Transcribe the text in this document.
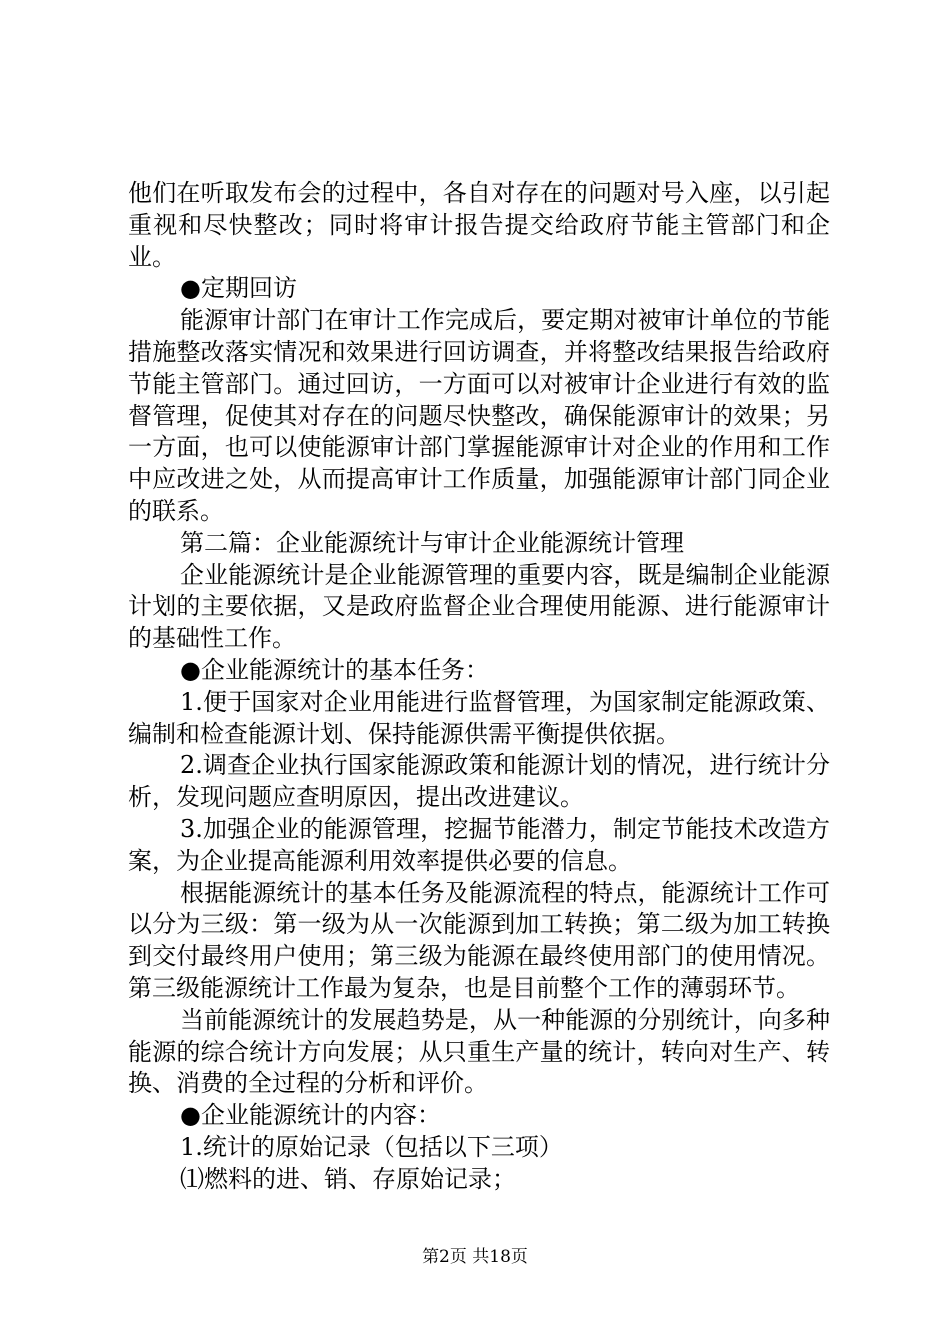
他们在听取发布会的过程中，各自对存在的问题对号入座，以引起重视和尽快整改；同时将审计报告提交给政府节能主管部门和企业。

●定期回访

能源审计部门在审计工作完成后，要定期对被审计单位的节能措施整改落实情况和效果进行回访调查，并将整改结果报告给政府节能主管部门。通过回访，一方面可以对被审计企业进行有效的监督管理，促使其对存在的问题尽快整改，确保能源审计的效果；另一方面，也可以使能源审计部门掌握能源审计对企业的作用和工作中应改进之处，从而提高审计工作质量，加强能源审计部门同企业的联系。

第二篇：企业能源统计与审计企业能源统计管理

企业能源统计是企业能源管理的重要内容，既是编制企业能源计划的主要依据，又是政府监督企业合理使用能源、进行能源审计的基础性工作。

●企业能源统计的基本任务：

1.便于国家对企业用能进行监督管理，为国家制定能源政策、编制和检查能源计划、保持能源供需平衡提供依据。

2.调查企业执行国家能源政策和能源计划的情况，进行统计分析，发现问题应查明原因，提出改进建议。

3.加强企业的能源管理，挖掘节能潜力，制定节能技术改造方案，为企业提高能源利用效率提供必要的信息。

根据能源统计的基本任务及能源流程的特点，能源统计工作可以分为三级：第一级为从一次能源到加工转换；第二级为加工转换到交付最终用户使用；第三级为能源在最终使用部门的使用情况。第三级能源统计工作最为复杂，也是目前整个工作的薄弱环节。

当前能源统计的发展趋势是，从一种能源的分别统计，向多种能源的综合统计方向发展；从只重生产量的统计，转向对生产、转换、消费的全过程的分析和评价。

●企业能源统计的内容：

1.统计的原始记录（包括以下三项）

⑴燃料的进、销、存原始记录；

第2页 共18页
